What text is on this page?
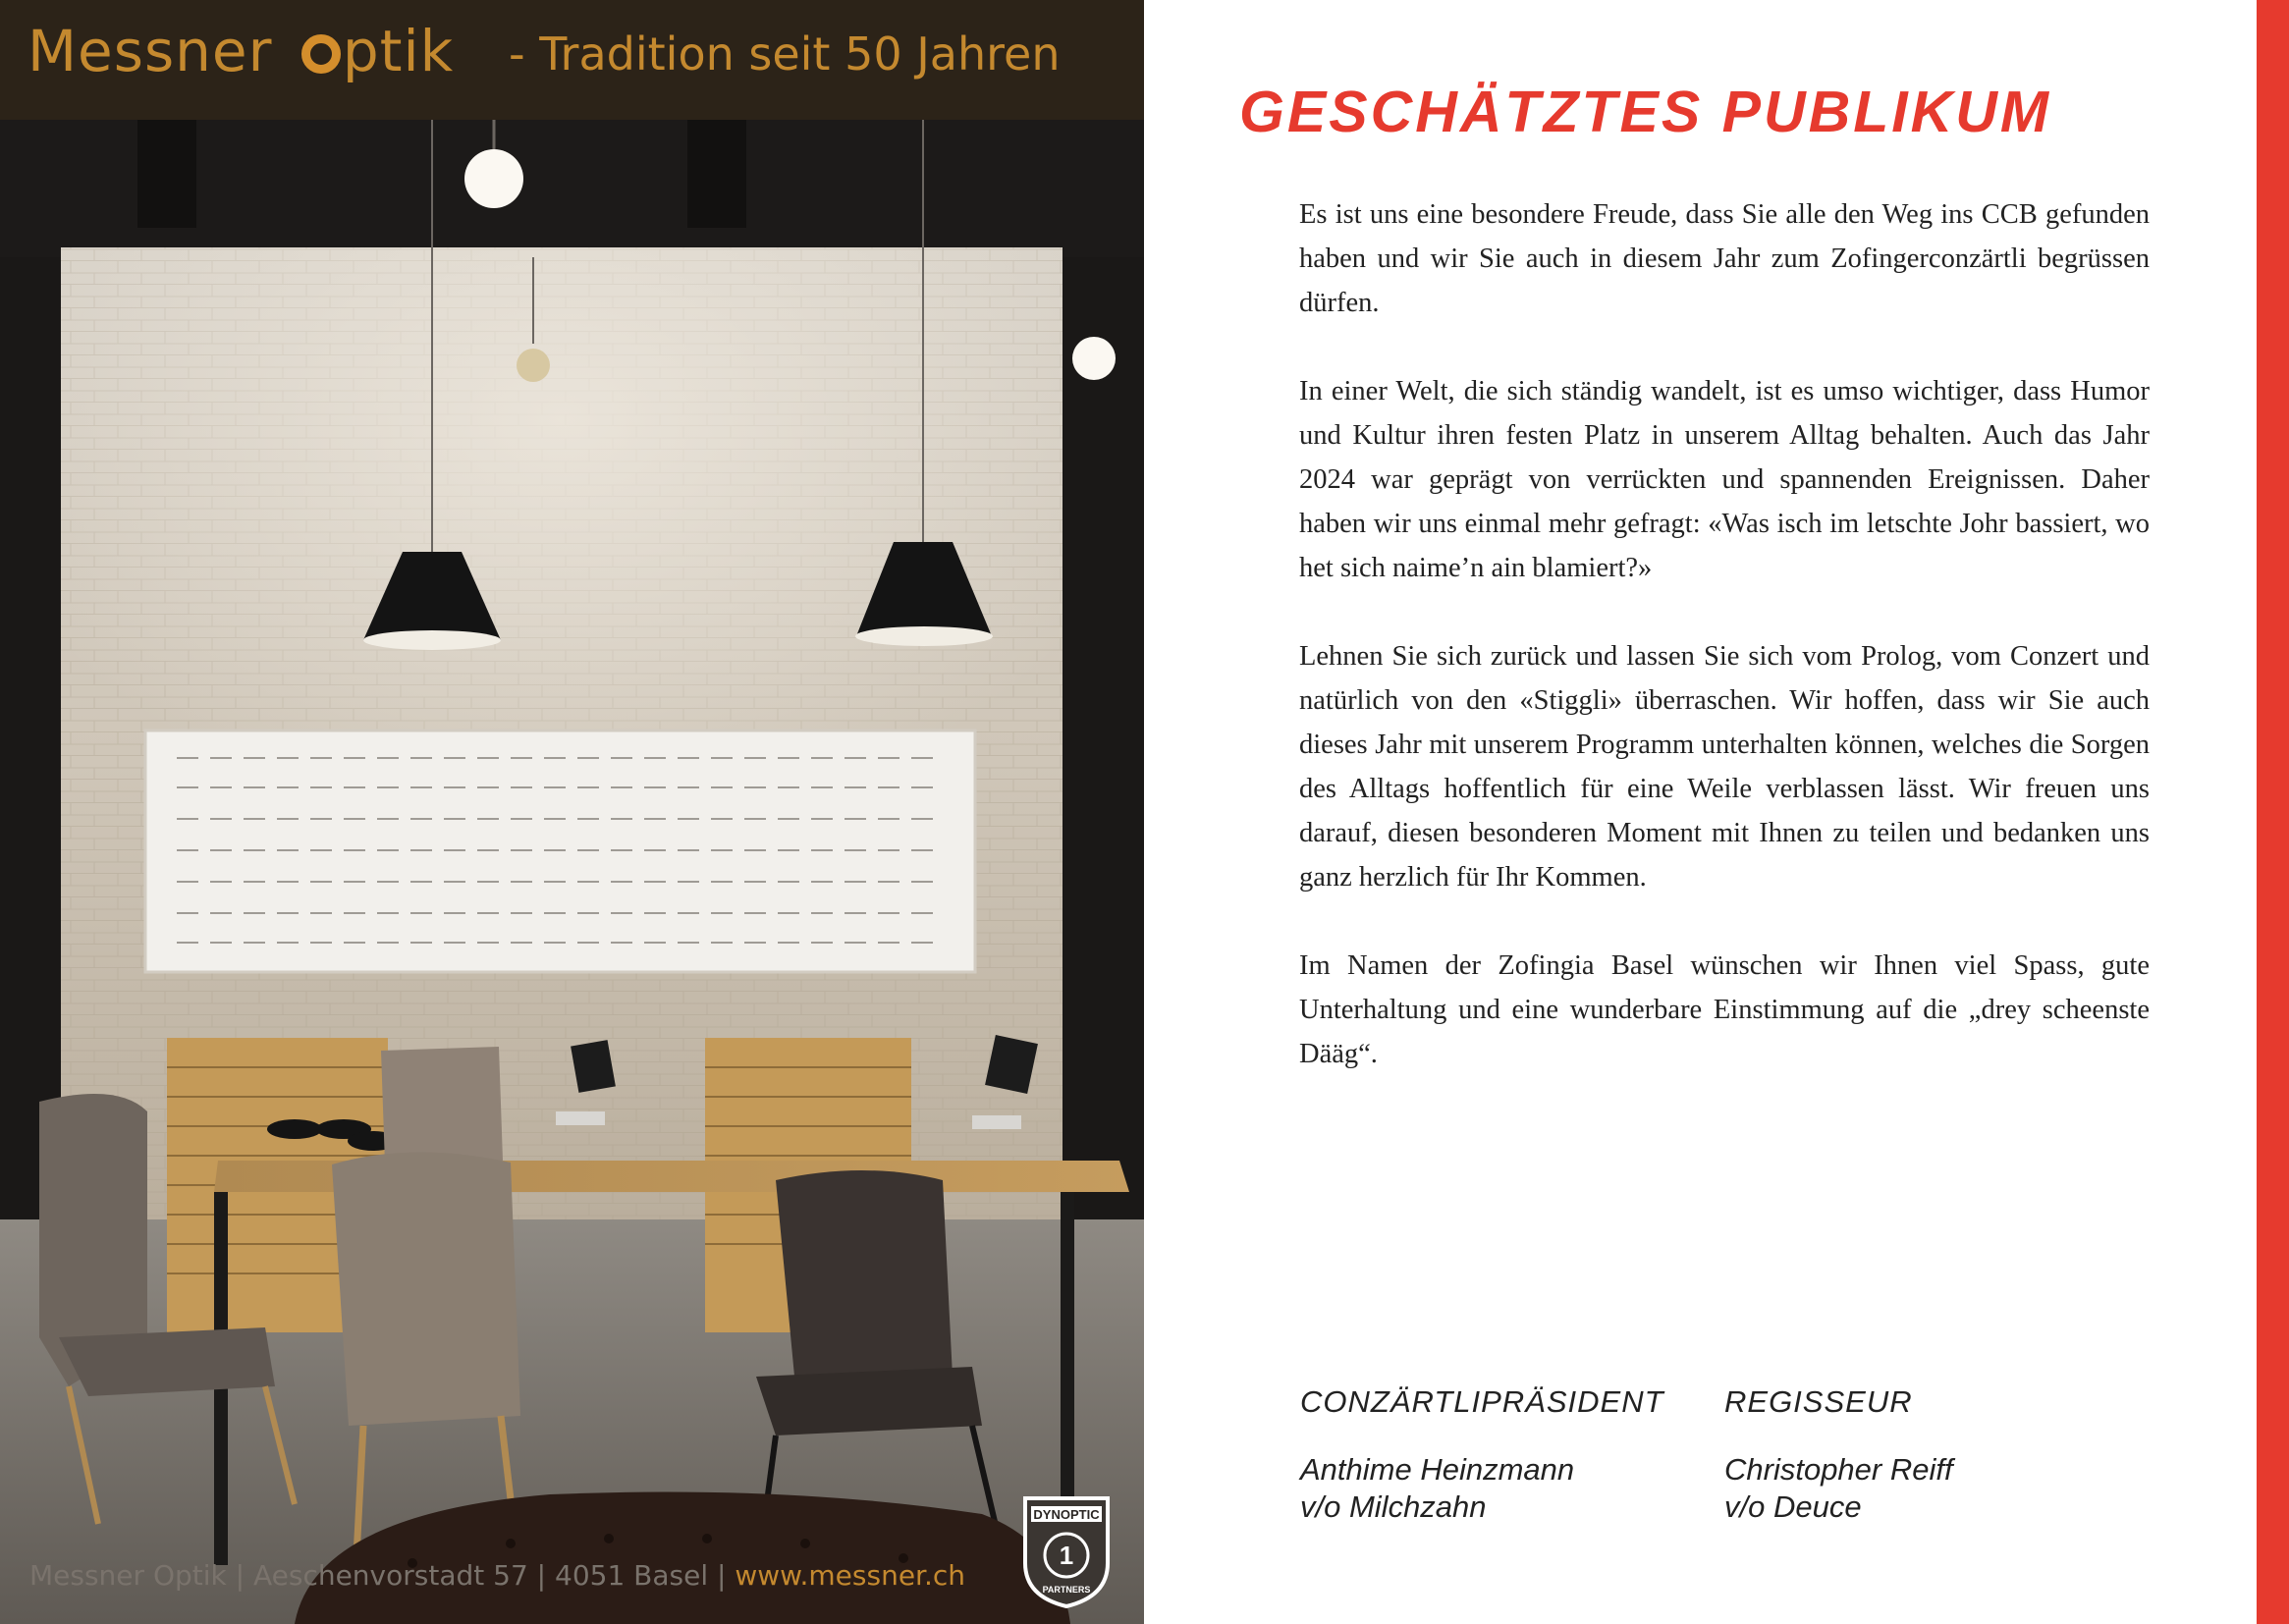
Messner ptik - Tradition seit 50 Jahren
Messner Optik | Aeschenvorstadt 57 | 4051 Basel | www.messner.ch
DYNOPTIC
1
PARTNERS
GESCHÄTZTES PUBLIKUM

Es ist uns eine besondere Freude, dass Sie alle den Weg ins CCB gefunden haben und wir Sie auch in diesem Jahr zum Zofingerconzärtli begrüssen dürfen.

In einer Welt, die sich ständig wandelt, ist es umso wichtiger, dass Humor und Kultur ihren festen Platz in unserem Alltag behalten. Auch das Jahr 2024 war geprägt von verrückten und spannenden Ereignissen. Daher haben wir uns einmal mehr gefragt: «Was isch im letschte Johr bassiert, wo het sich naime’n ain blamiert?»

Lehnen Sie sich zurück und lassen Sie sich vom Prolog, vom Conzert und natürlich von den «Stiggli» überraschen. Wir hoffen, dass wir Sie auch dieses Jahr mit unserem Programm unterhalten können, welches die Sorgen des Alltags hoffentlich für eine Weile verblassen lässt. Wir freuen uns darauf, diesen besonderen Moment mit Ihnen zu teilen und bedanken uns ganz herzlich für Ihr Kommen.

Im Namen der Zofingia Basel wünschen wir Ihnen viel Spass, gute Unterhaltung und eine wunderbare Einstimmung auf die „drey scheenste Dääg“.

CONZÄRTLIPRÄSIDENT
Anthime Heinzmann
v/o Milchzahn
REGISSEUR
Christopher Reiff
v/o Deuce
